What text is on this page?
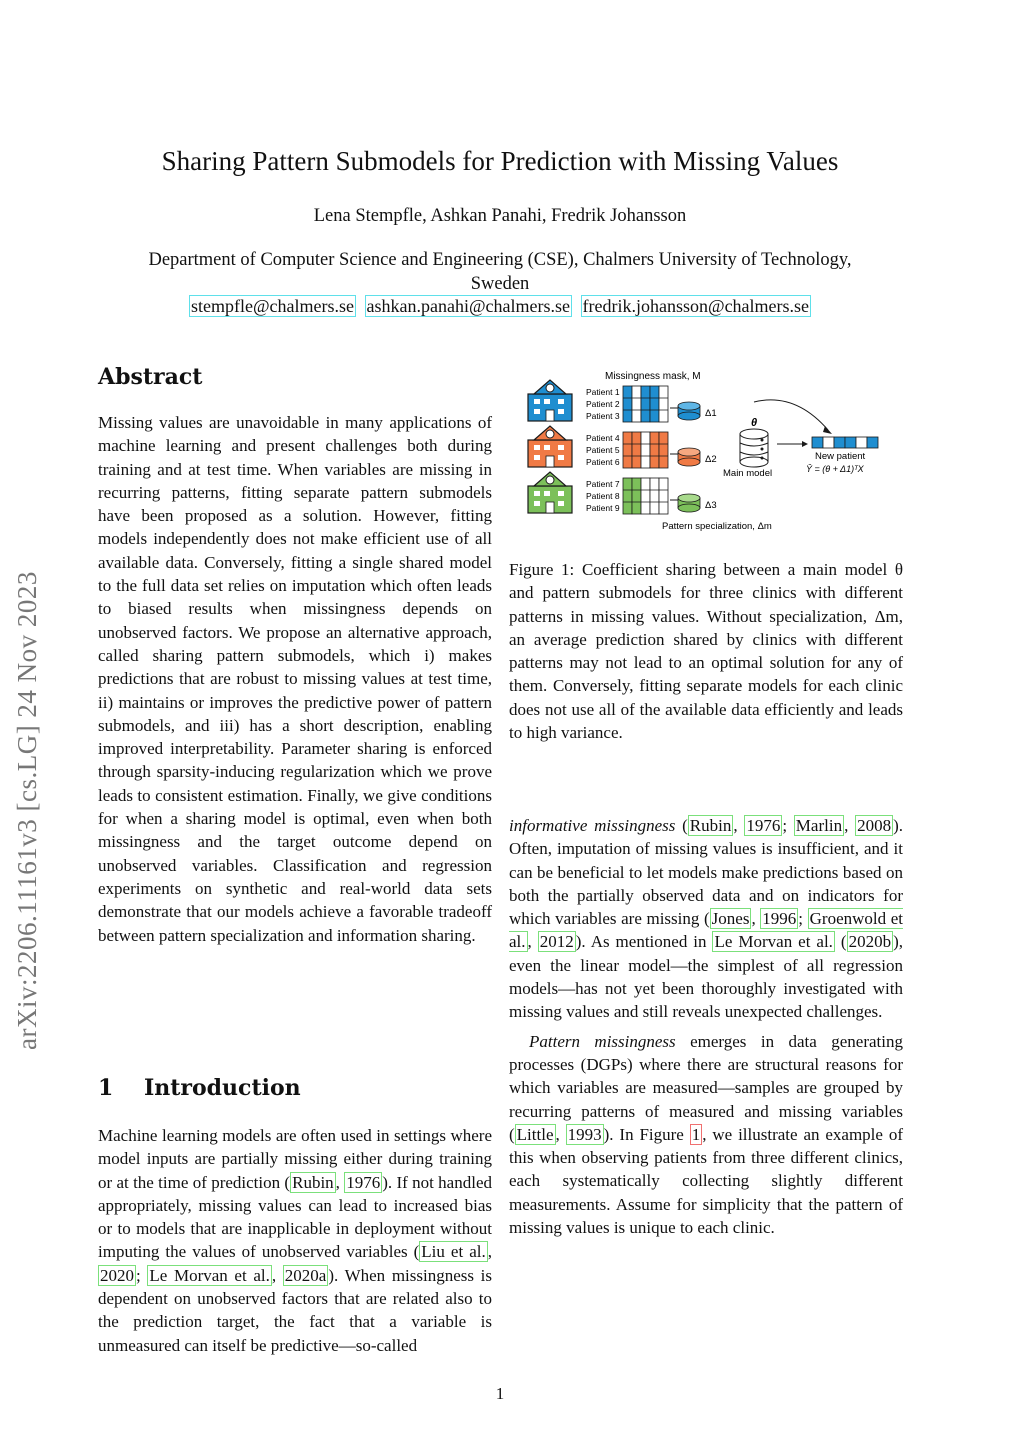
arXiv:2206.11161v3 [cs.LG] 24 Nov 2023
Sharing Pattern Submodels for Prediction with Missing Values
Lena Stempfle, Ashkan Panahi, Fredrik Johansson
Department of Computer Science and Engineering (CSE), Chalmers University of Technology, Sweden
stempfle@chalmers.se ashkan.panahi@chalmers.se fredrik.johansson@chalmers.se
Abstract
Missing values are unavoidable in many applications of machine learning and present challenges both during training and at test time. When variables are missing in recurring patterns, fitting separate pattern submodels have been proposed as a solution. However, fitting models independently does not make efficient use of all available data. Conversely, fitting a single shared model to the full data set relies on imputation which often leads to biased results when missingness depends on unobserved factors. We propose an alternative approach, called sharing pattern submodels, which i) makes predictions that are robust to missing values at test time, ii) maintains or improves the predictive power of pattern submodels, and iii) has a short description, enabling improved interpretability. Parameter sharing is enforced through sparsity-inducing regularization which we prove leads to consistent estimation. Finally, we give conditions for when a sharing model is optimal, even when both missingness and the target outcome depend on unobserved variables. Classification and regression experiments on synthetic and real-world data sets demonstrate that our models achieve a favorable tradeoff between pattern specialization and information sharing.
1 Introduction
Machine learning models are often used in settings where model inputs are partially missing either during training or at the time of prediction ( Rubin , 1976 ). If not handled appropriately, missing values can lead to increased bias or to models that are inapplicable in deployment without imputing the values of unobserved variables ( Liu et al. , 2020 ; Le Morvan et al. , 2020a ). When missingness is dependent on unobserved factors that are related also to the prediction target, the fact that a variable is unmeasured can itself be predictive—so-called
Missingness mask, M
Patient 1
Patient 2
Patient 3
Patient 4
Patient 5
Patient 6
Patient 7
Patient 8
Patient 9
Δ1
Δ2
Δ3
θ
Main model
New patient
Ŷ = (θ + Δ1)ᵀX
Pattern specialization, Δm
Figure 1: Coefficient sharing between a main model θ and pattern submodels for three clinics with different patterns in missing values. Without specialization, Δm, an average prediction shared by clinics with different patterns may not lead to an optimal solution for any of them. Conversely, fitting separate models for each clinic does not use all of the available data efficiently and leads to high variance.

informative missingness ( Rubin , 1976 ; Marlin , 2008 ). Often, imputation of missing values is insufficient, and it can be beneficial to let models make predictions based on both the partially observed data and on indicators for which variables are missing ( Jones , 1996 ; Groenwold et al. , 2012 ). As mentioned in Le Morvan et al. ( 2020b ), even the linear model—the simplest of all regression models—has not yet been thoroughly investigated with missing values and still reveals unexpected challenges.

Pattern missingness emerges in data generating processes (DGPs) where there are structural reasons for which variables are measured—samples are grouped by recurring patterns of measured and missing variables ( Little , 1993 ). In Figure 1 , we illustrate an example of this when observing patients from three different clinics, each systematically collecting slightly different measurements. Assume for simplicity that the pattern of missing values is unique to each clinic.

1
